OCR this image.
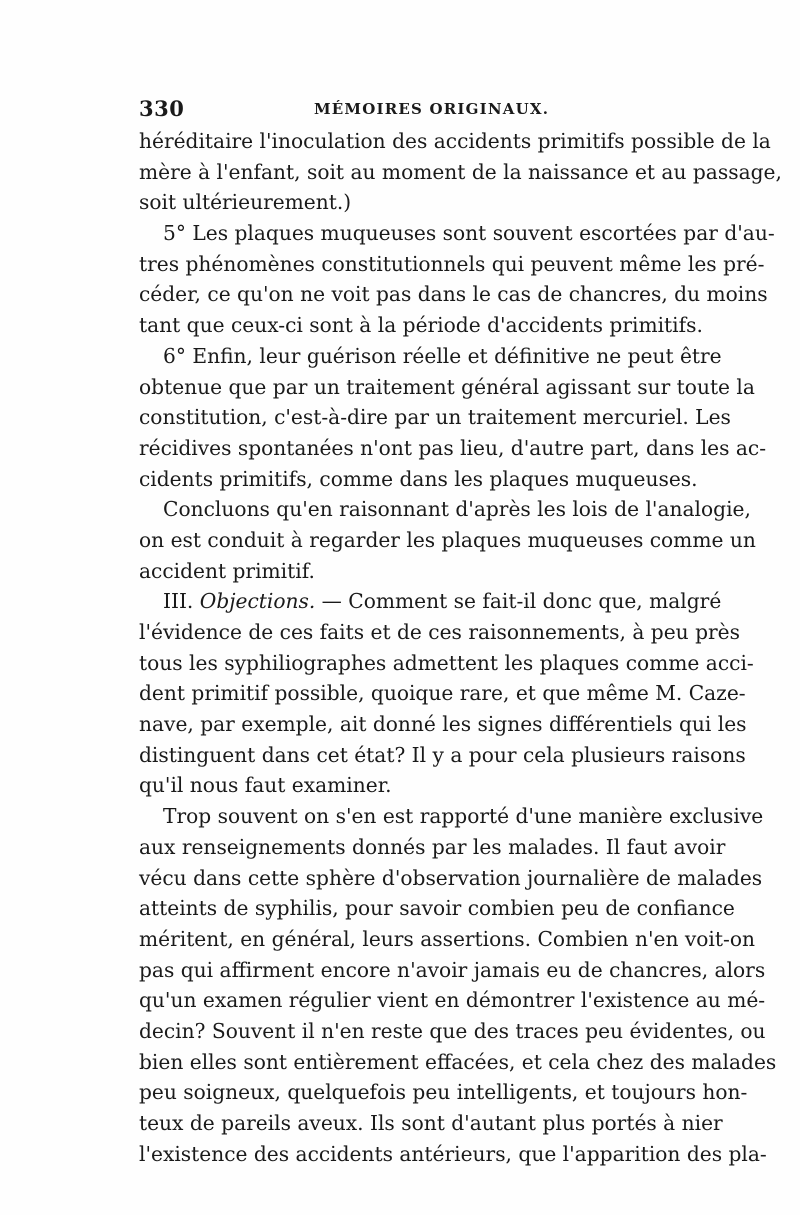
330	MÉMOIRES ORIGINAUX.
héréditaire l'inoculation des accidents primitifs possible de la
mère à l'enfant, soit au moment de la naissance et au passage,
soit ultérieurement.)
5° Les plaques muqueuses sont souvent escortées par d'au-
tres phénomènes constitutionnels qui peuvent même les pré-
céder, ce qu'on ne voit pas dans le cas de chancres, du moins
tant que ceux-ci sont à la période d'accidents primitifs.
6° Enfin, leur guérison réelle et définitive ne peut être
obtenue que par un traitement général agissant sur toute la
constitution, c'est-à-dire par un traitement mercuriel. Les
récidives spontanées n'ont pas lieu, d'autre part, dans les ac-
cidents primitifs, comme dans les plaques muqueuses.
Concluons qu'en raisonnant d'après les lois de l'analogie,
on est conduit à regarder les plaques muqueuses comme un
accident primitif.
III. Objections. — Comment se fait-il donc que, malgré
l'évidence de ces faits et de ces raisonnements, à peu près
tous les syphiliographes admettent les plaques comme acci-
dent primitif possible, quoique rare, et que même M. Caze-
nave, par exemple, ait donné les signes différentiels qui les
distinguent dans cet état? Il y a pour cela plusieurs raisons
qu'il nous faut examiner.
Trop souvent on s'en est rapporté d'une manière exclusive
aux renseignements donnés par les malades. Il faut avoir
vécu dans cette sphère d'observation journalière de malades
atteints de syphilis, pour savoir combien peu de confiance
méritent, en général, leurs assertions. Combien n'en voit-on
pas qui affirment encore n'avoir jamais eu de chancres, alors
qu'un examen régulier vient en démontrer l'existence au mé-
decin? Souvent il n'en reste que des traces peu évidentes, ou
bien elles sont entièrement effacées, et cela chez des malades
peu soigneux, quelquefois peu intelligents, et toujours hon-
teux de pareils aveux. Ils sont d'autant plus portés à nier
l'existence des accidents antérieurs, que l'apparition des pla-
